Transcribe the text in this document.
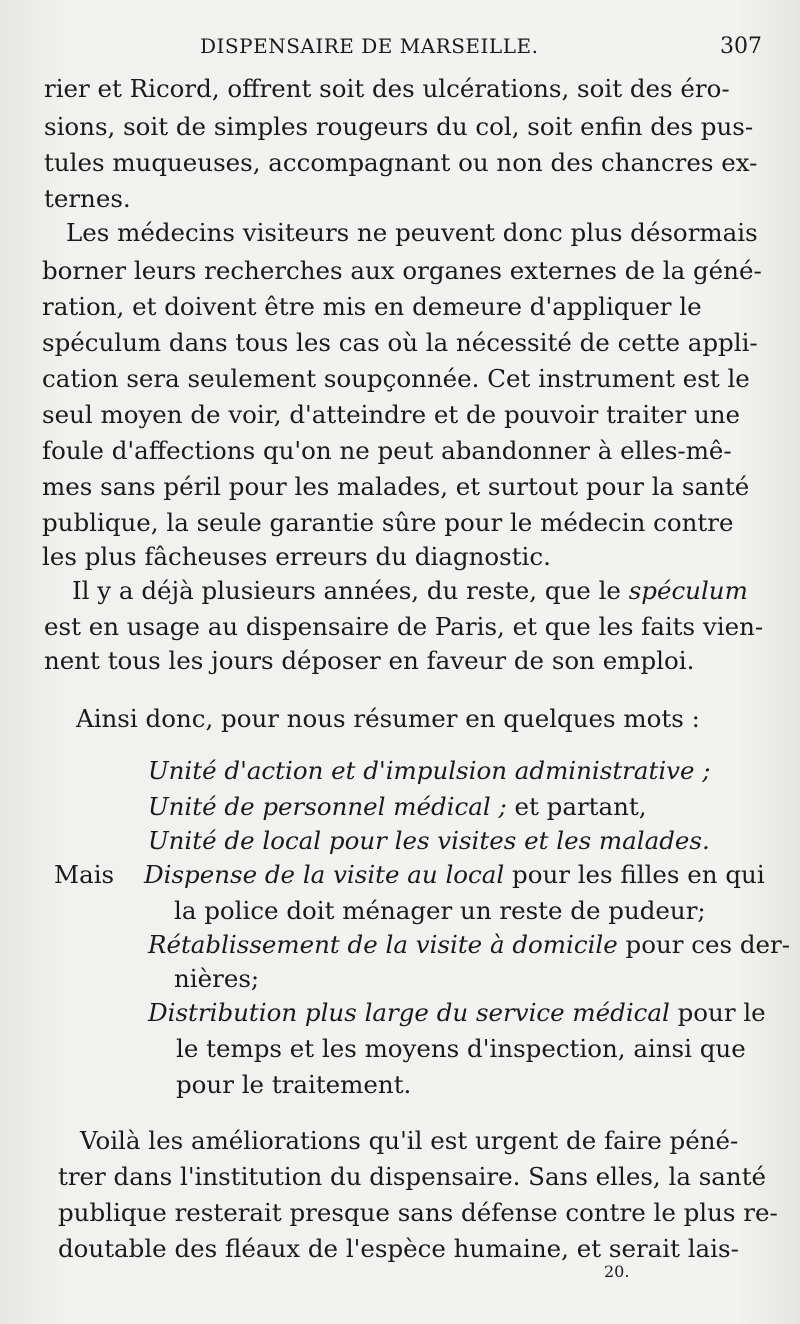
DISPENSAIRE DE MARSEILLE.	307
rier et Ricord, offrent soit des ulcérations, soit des éro-
sions, soit de simples rougeurs du col, soit enfin des pus-
tules muqueuses, accompagnant ou non des chancres ex-
ternes.
Les médecins visiteurs ne peuvent donc plus désormais
borner leurs recherches aux organes externes de la géné-
ration, et doivent être mis en demeure d'appliquer le
spéculum dans tous les cas où la nécessité de cette appli-
cation sera seulement soupçonnée. Cet instrument est le
seul moyen de voir, d'atteindre et de pouvoir traiter une
foule d'affections qu'on ne peut abandonner à elles-mê-
mes sans péril pour les malades, et surtout pour la santé
publique, la seule garantie sûre pour le médecin contre
les plus fâcheuses erreurs du diagnostic.
Il y a déjà plusieurs années, du reste, que le spéculum
est en usage au dispensaire de Paris, et que les faits vien-
nent tous les jours déposer en faveur de son emploi.
Ainsi donc, pour nous résumer en quelques mots :
Unité d'action et d'impulsion administrative ;
Unité de personnel médical ; et partant,
Unité de local pour les visites et les malades.
Mais Dispense de la visite au local pour les filles en qui
la police doit ménager un reste de pudeur;
Rétablissement de la visite à domicile pour ces der-
nières;
Distribution plus large du service médical pour le
le temps et les moyens d'inspection, ainsi que
pour le traitement.
Voilà les améliorations qu'il est urgent de faire péné-
trer dans l'institution du dispensaire. Sans elles, la santé
publique resterait presque sans défense contre le plus re-
doutable des fléaux de l'espèce humaine, et serait lais-
20.
